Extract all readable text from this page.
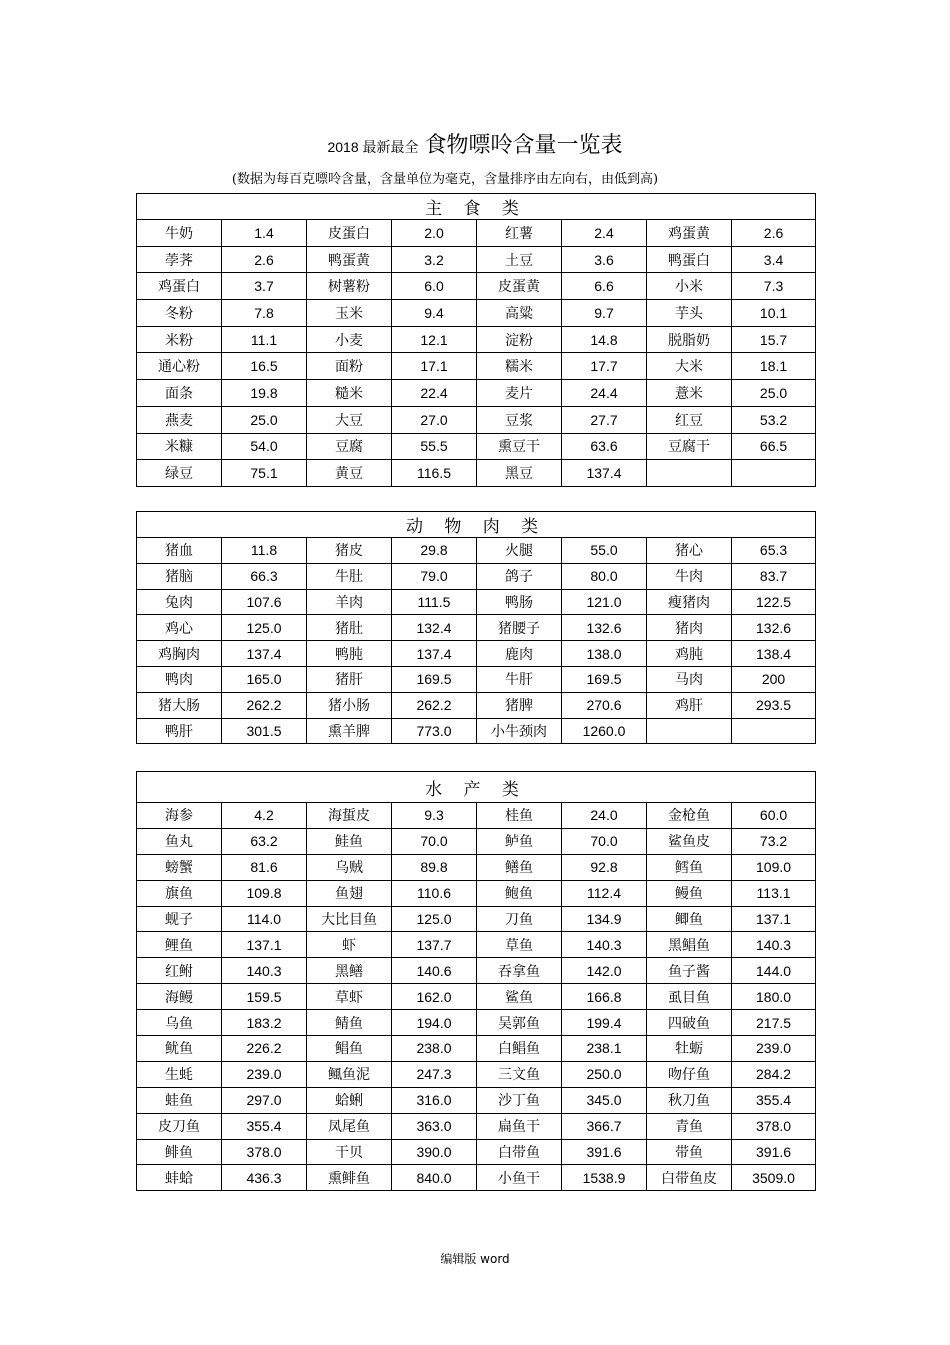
2018 最新最全 食物嘌呤含量一览表
(数据为每百克嘌呤含量，含量单位为毫克，含量排序由左向右，由低到高)
主 食 类							
牛奶	1.4	皮蛋白	2.0	红薯	2.4	鸡蛋黄	2.6
荸荠	2.6	鸭蛋黄	3.2	土豆	3.6	鸭蛋白	3.4
鸡蛋白	3.7	树薯粉	6.0	皮蛋黄	6.6	小米	7.3
冬粉	7.8	玉米	9.4	高粱	9.7	芋头	10.1
米粉	11.1	小麦	12.1	淀粉	14.8	脱脂奶	15.7
通心粉	16.5	面粉	17.1	糯米	17.7	大米	18.1
面条	19.8	糙米	22.4	麦片	24.4	薏米	25.0
燕麦	25.0	大豆	27.0	豆浆	27.7	红豆	53.2
米糠	54.0	豆腐	55.5	熏豆干	63.6	豆腐干	66.5
绿豆	75.1	黄豆	116.5	黑豆	137.4		
动 物 肉 类							
猪血	11.8	猪皮	29.8	火腿	55.0	猪心	65.3
猪脑	66.3	牛肚	79.0	鸽子	80.0	牛肉	83.7
兔肉	107.6	羊肉	111.5	鸭肠	121.0	瘦猪肉	122.5
鸡心	125.0	猪肚	132.4	猪腰子	132.6	猪肉	132.6
鸡胸肉	137.4	鸭肫	137.4	鹿肉	138.0	鸡肫	138.4
鸭肉	165.0	猪肝	169.5	牛肝	169.5	马肉	200
猪大肠	262.2	猪小肠	262.2	猪脾	270.6	鸡肝	293.5
鸭肝	301.5	熏羊脾	773.0	小牛颈肉	1260.0		
水 产 类							
海参	4.2	海蜇皮	9.3	桂鱼	24.0	金枪鱼	60.0
鱼丸	63.2	鲑鱼	70.0	鲈鱼	70.0	鲨鱼皮	73.2
螃蟹	81.6	乌贼	89.8	鳝鱼	92.8	鳕鱼	109.0
旗鱼	109.8	鱼翅	110.6	鲍鱼	112.4	鳗鱼	113.1
蚬子	114.0	大比目鱼	125.0	刀鱼	134.9	鲫鱼	137.1
鲤鱼	137.1	虾	137.7	草鱼	140.3	黑鲳鱼	140.3
红鲋	140.3	黑鳝	140.6	吞拿鱼	142.0	鱼子酱	144.0
海鳗	159.5	草虾	162.0	鲨鱼	166.8	虱目鱼	180.0
乌鱼	183.2	鲭鱼	194.0	吴郭鱼	199.4	四破鱼	217.5
鱿鱼	226.2	鲳鱼	238.0	白鲳鱼	238.1	牡蛎	239.0
生蚝	239.0	鲺鱼泥	247.3	三文鱼	250.0	吻仔鱼	284.2
蛙鱼	297.0	蛤蜊	316.0	沙丁鱼	345.0	秋刀鱼	355.4
皮刀鱼	355.4	凤尾鱼	363.0	扁鱼干	366.7	青鱼	378.0
鲱鱼	378.0	干贝	390.0	白带鱼	391.6	带鱼	391.6
蚌蛤	436.3	熏鲱鱼	840.0	小鱼干	1538.9	白带鱼皮	3509.0
编辑版 word
